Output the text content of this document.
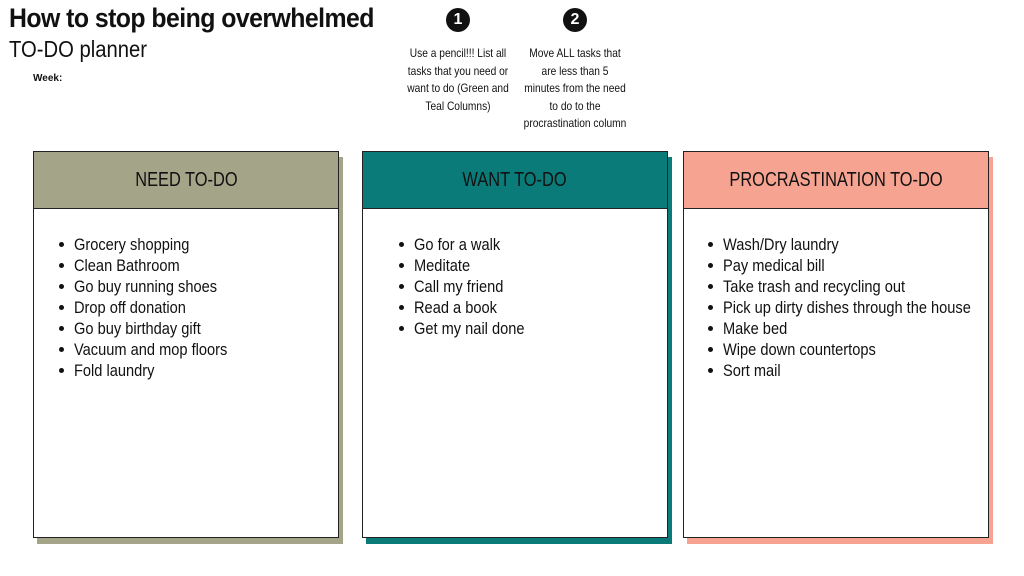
How to stop being overwhelmed
TO-DO planner
Week:
1
Use a pencil!!! List all tasks that you need or want to do (Green and Teal Columns)
2
Move ALL tasks that are less than 5 minutes from the need to do to the procrastination column
NEED TO-DO
Grocery shopping
Clean Bathroom
Go buy running shoes
Drop off donation
Go buy birthday gift
Vacuum and mop floors
Fold laundry
WANT TO-DO
Go for a walk
Meditate
Call my friend
Read a book
Get my nail done
PROCRASTINATION TO-DO
Wash/Dry laundry
Pay medical bill
Take trash and recycling out
Pick up dirty dishes through the house
Make bed
Wipe down countertops
Sort mail
